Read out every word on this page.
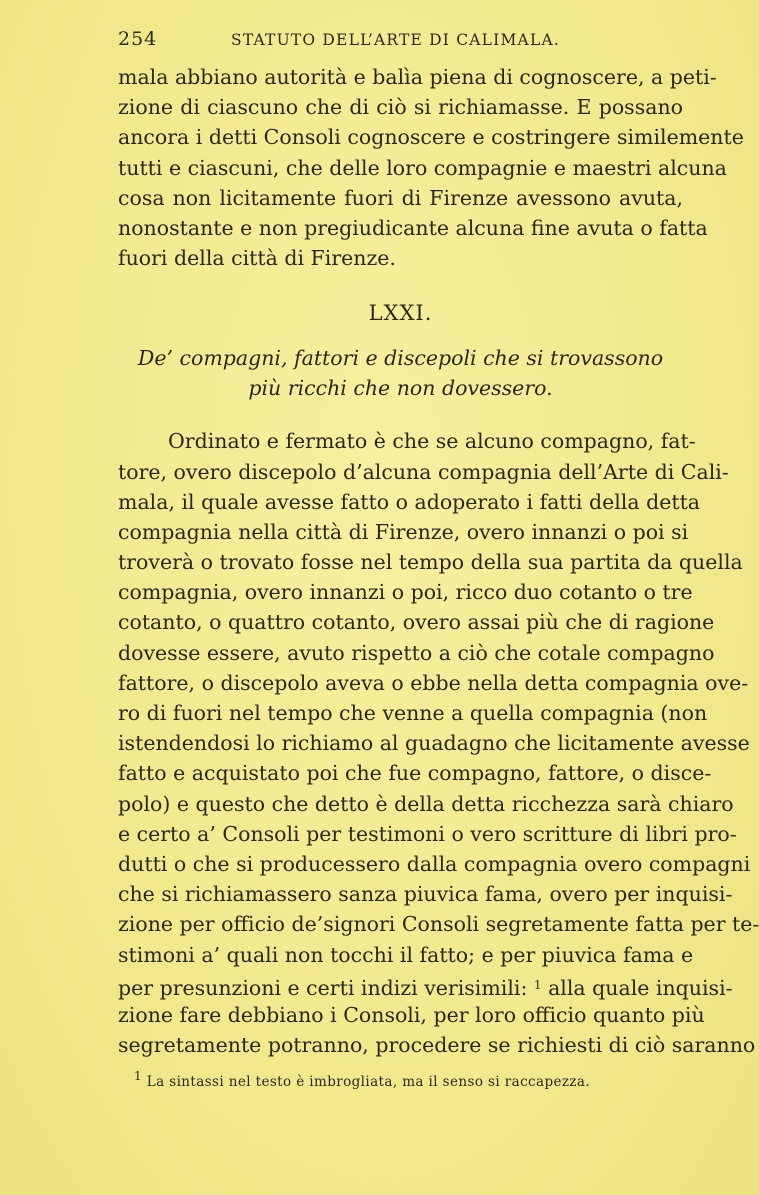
254	STATUTO DELL’ARTE DI CALIMALA.
mala abbiano autorità e balìa piena di cognoscere, a peti-
zione di ciascuno che di ciò si richiamasse. E possano
ancora i detti Consoli cognoscere e costringere similemente
tutti e ciascuni, che delle loro compagnie e maestri alcuna
cosa non licitamente fuori di Firenze avessono avuta,
nonostante e non pregiudicante alcuna fine avuta o fatta
fuori della città di Firenze.
LXXI.
De’ compagni, fattori e discepoli che si trovassono
più ricchi che non dovessero.
Ordinato e fermato è che se alcuno compagno, fat-
tore, overo discepolo d’alcuna compagnia dell’Arte di Cali-
mala, il quale avesse fatto o adoperato i fatti della detta
compagnia nella città di Firenze, overo innanzi o poi si
troverà o trovato fosse nel tempo della sua partita da quella
compagnia, overo innanzi o poi, ricco duo cotanto o tre
cotanto, o quattro cotanto, overo assai più che di ragione
dovesse essere, avuto rispetto a ciò che cotale compagno
fattore, o discepolo aveva o ebbe nella detta compagnia ove-
ro di fuori nel tempo che venne a quella compagnia (non
istendendosi lo richiamo al guadagno che licitamente avesse
fatto e acquistato poi che fue compagno, fattore, o disce-
polo) e questo che detto è della detta ricchezza sarà chiaro
e certo a’ Consoli per testimoni o vero scritture di libri pro-
dutti o che si producessero dalla compagnia overo compagni
che si richiamassero sanza piuvica fama, overo per inquisi-
zione per officio de’signori Consoli segretamente fatta per te-
stimoni a’ quali non tocchi il fatto; e per piuvica fama e
per presunzioni e certi indizi verisimili: $^1$ alla quale inquisi-
zione fare debbiano i Consoli, per loro officio quanto più
segretamente potranno, procedere se richiesti di ciò saranno
$^1$ La sintassi nel testo è imbrogliata, ma il senso si raccapezza.
